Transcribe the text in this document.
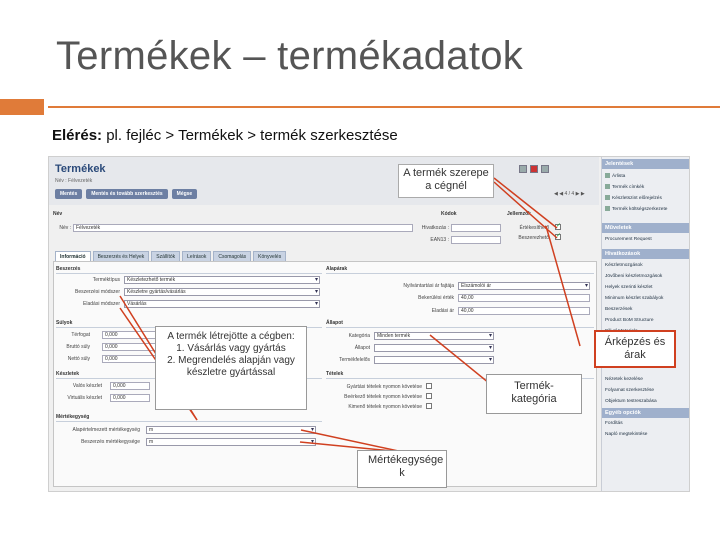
Termékek – termékadatok
Elérés: pl. fejléc > Termékek > termék szerkesztése
Termékek
Név : Félvezeték
Mentés	Mentés és tovább szerkesztés	Mégse	◀ ◀ 4 / 4 ▶ ▶
Név
Név :	Félvezeték
Kódok
Hivatkozás :
EAN13 :
Jellemzők
Értékesíthető
✓
Beszerezhető
✓
Információ	Beszerzés és Helyek	Szállítók	Leírások	Csomagolás	Könyvelés
Beszerzés
Terméktípus	Készletezhető termék ▾
Beszerzési módszer	Készletre gyártás/vásárlás ▾
Eladási módszer	Vásárlás ▾
Alapárak
Nyilvántartási ár fajtája	Elszámolói ár ▾
Bekerülési érték	40,00
Eladási ár	40,00
Súlyok
Térfogat	0,000
Bruttó súly	0,000
Nettó súly	0,000
Állapot
Kategória	Minden termék ▾
Állapot
▾
Termékfelelős
▾
Készletek
Valós készlet	0,000
Virtuális készlet	0,000
Tételek
Gyártási tételek nyomon követése
Beérkező tételek nyomon követése
Kimenő tételek nyomon követése
Mértékegység
Alapértelmezett mértékegység	m ▾
Beszerzés mértékegysége	m ▾
Jelentések
Árlista
Termék címkék
Készletszint előrejelzés
Termék költségszerkezete
Műveletek
Procurement Request
Hivatkozások
Készletmozgások
Jövőbeni készletmozgások
Helyek szerinti készlet
Minimum készlet szabályok
Beszerzések
Product BoM Structure
Nézetek kezelése
Folyamat szerkesztése
Objektum testreszabása
Egyéb opciók
Fordítás
Napló megtekintése
A termék szerepe a cégnél
A termék létrejötte a cégben:
1. Vásárlás vagy gyártás
2. Megrendelés alapján vagy készletre gyártással
Árképzés és árak
Termék-kategória
Mértékegysége k
